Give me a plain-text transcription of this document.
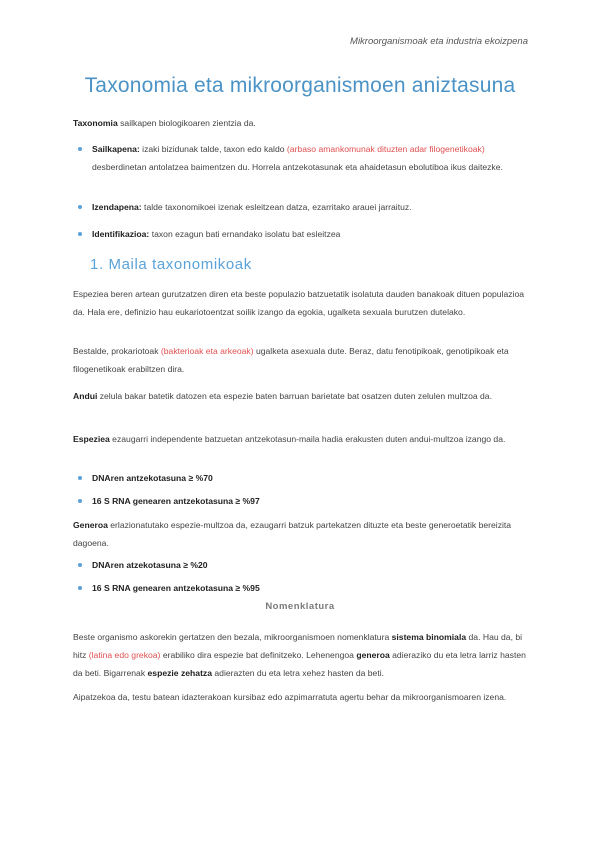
Mikroorganismoak eta industria ekoizpena
Taxonomia eta mikroorganismoen aniztasuna
Taxonomia sailkapen biologikoaren zientzia da.
Sailkapena: izaki bizidunak talde, taxon edo kaldo (arbaso amankomunak dituzten adar filogenetikoak) desberdinetan antolatzea baimentzen du. Horrela antzekotasunak eta ahaidetasun ebolutiboa ikus daitezke.
Izendapena: talde taxonomikoei izenak esleitzean datza, ezarritako arauei jarraituz.
Identifikazioa: taxon ezagun bati ernandako isolatu bat esleitzea
1. Maila taxonomikoak
Espeziea beren artean gurutzatzen diren eta beste populazio batzuetatik isolatuta dauden banakoak dituen populazioa da. Hala ere, definizio hau eukariotoentzat soilik izango da egokia, ugalketa sexuala burutzen dutelako.
Bestalde, prokariotoak (bakterioak eta arkeoak) ugalketa asexuala dute. Beraz, datu fenotipikoak, genotipikoak eta filogenetikoak erabiltzen dira.
Andui zelula bakar batetik datozen eta espezie baten barruan barietate bat osatzen duten zelulen multzoa da.
Espeziea ezaugarri independente batzuetan antzekotasun-maila hadia erakusten duten andui-multzoa izango da.
DNAren antzekotasuna ≥ %70
16 S RNA genearen antzekotasuna ≥ %97
Generoa erlazionatutako espezie-multzoa da, ezaugarri batzuk partekatzen dituzte eta beste generoetatik bereizita dagoena.
DNAren atzekotasuna ≥ %20
16 S RNA genearen antzekotasuna ≥ %95
Nomenklatura
Beste organismo askorekin gertatzen den bezala, mikroorganismoen nomenklatura sistema binomiala da. Hau da, bi hitz (latina edo grekoa) erabiliko dira espezie bat definitzeko. Lehenengoa generoa adieraziko du eta letra larriz hasten da beti. Bigarrenak espezie zehatza adierazten du eta letra xehez hasten da beti.
Aipatzekoa da, testu batean idazterakoan kursibaz edo azpimarratuta agertu behar da mikroorganismoaren izena.
